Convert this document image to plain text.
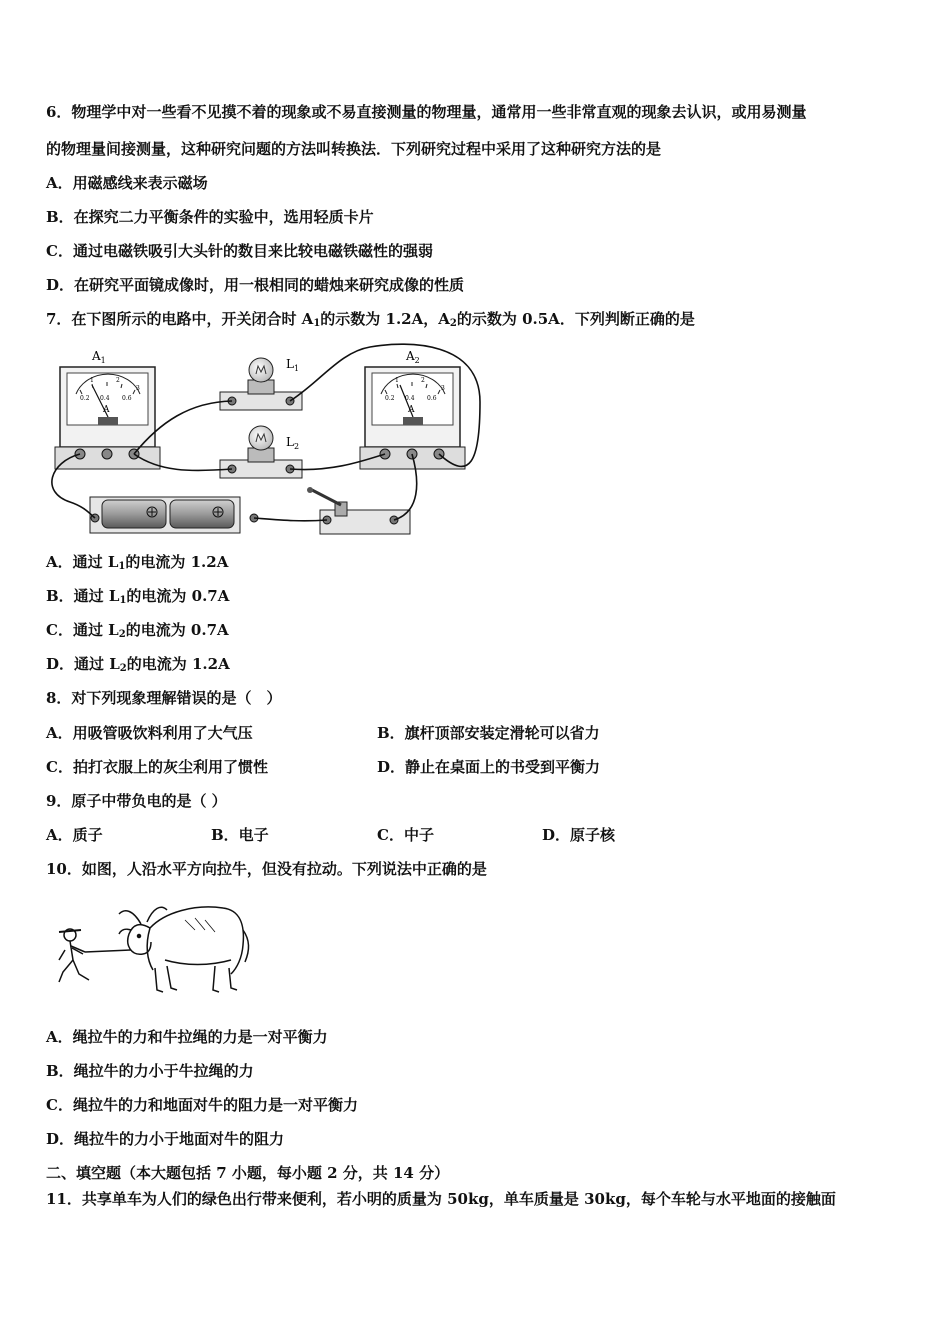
6．物理学中对一些看不见摸不着的现象或不易直接测量的物理量，通常用一些非常直观的现象去认识，或用易测量
的物理量间接测量，这种研究问题的方法叫转换法．下列研究过程中采用了这种研究方法的是
A．用磁感线来表示磁场
B．在探究二力平衡条件的实验中，选用轻质卡片
C．通过电磁铁吸引大头针的数目来比较电磁铁磁性的强弱
D．在研究平面镜成像时，用一根相同的蜡烛来研究成像的性质
7．在下图所示的电路中，开关闭合时 $A_1$的示数为 1.2A，$A_2$的示数为 0.5A．下列判断正确的是
0.2 0.4 0.6
1	2
3
A
$A_1$	$L_1$
$L_2$
0.2 0.4 0.6
1	2
3
A
$A_2$
A．通过 $L_1$的电流为 1.2A
B．通过 $L_1$的电流为 0.7A
C．通过 $L_2$的电流为 0.7A
D．通过 $L_2$的电流为 1.2A
8．对下列现象理解错误的是（　）
A．用吸管吸饮料利用了大气压	B．旗杆顶部安装定滑轮可以省力
C．拍打衣服上的灰尘利用了惯性	D．静止在桌面上的书受到平衡力
9．原子中带负电的是（ ）
A．质子	B．电子	C．中子	D．原子核
10．如图，人沿水平方向拉牛，但没有拉动。下列说法中正确的是
A．绳拉牛的力和牛拉绳的力是一对平衡力
B．绳拉牛的力小于牛拉绳的力
C．绳拉牛的力和地面对牛的阻力是一对平衡力
D．绳拉牛的力小于地面对牛的阻力
二、填空题（本大题包括 7 小题，每小题 2 分，共 14 分）
11．共享单车为人们的绿色出行带来便利，若小明的质量为 50kg，单车质量是 30kg，每个车轮与水平地面的接触面
